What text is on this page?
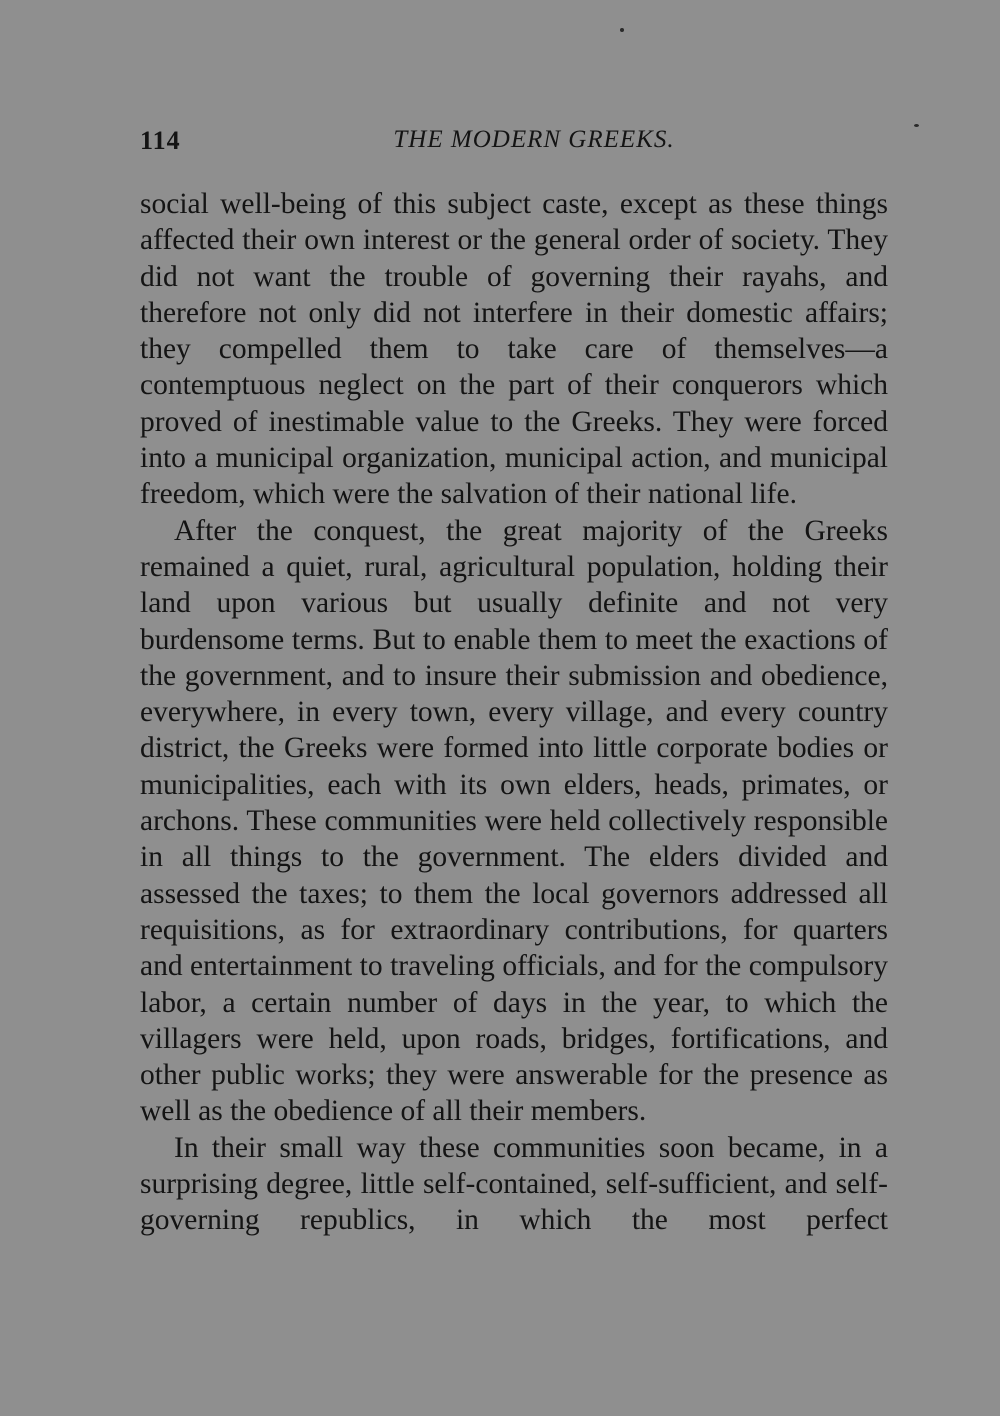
114	THE MODERN GREEKS.

social well-being of this subject caste, except as these things affected their own interest or the general order of society. They did not want the trouble of governing their rayahs, and therefore not only did not interfere in their domestic affairs; they compelled them to take care of themselves—a contemptuous neglect on the part of their conquerors which proved of inestimable value to the Greeks. They were forced into a municipal organization, municipal action, and municipal freedom, which were the salvation of their national life.

After the conquest, the great majority of the Greeks remained a quiet, rural, agricultural population, holding their land upon various but usually definite and not very burdensome terms. But to enable them to meet the exactions of the government, and to insure their submission and obedience, everywhere, in every town, every village, and every country district, the Greeks were formed into little corporate bodies or municipalities, each with its own elders, heads, primates, or archons. These communities were held collectively responsible in all things to the government. The elders divided and assessed the taxes; to them the local governors addressed all requisitions, as for extraordinary contributions, for quarters and entertainment to traveling officials, and for the compulsory labor, a certain number of days in the year, to which the villagers were held, upon roads, bridges, fortifications, and other public works; they were answerable for the presence as well as the obedience of all their members.

In their small way these communities soon became, in a surprising degree, little self-contained, self-sufficient, and self-governing republics, in which the most perfect
